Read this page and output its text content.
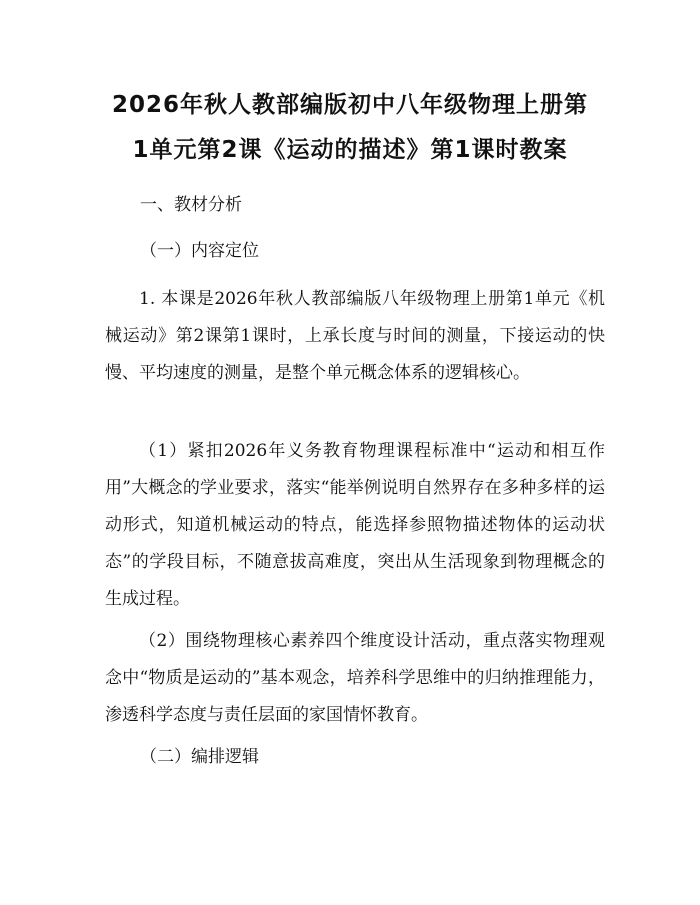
2026年秋人教部编版初中八年级物理上册第
1单元第2课《运动的描述》第1课时教案
一、教材分析
（一）内容定位

1. 本课是2026年秋人教部编版八年级物理上册第1单元《机械运动》第2课第1课时，上承长度与时间的测量，下接运动的快慢、平均速度的测量，是整个单元概念体系的逻辑核心。

（1）紧扣2026年义务教育物理课程标准中“运动和相互作用”大概念的学业要求，落实“能举例说明自然界存在多种多样的运动形式，知道机械运动的特点，能选择参照物描述物体的运动状态”的学段目标，不随意拔高难度，突出从生活现象到物理概念的生成过程。

（2）围绕物理核心素养四个维度设计活动，重点落实物理观念中“物质是运动的”基本观念，培养科学思维中的归纳推理能力，渗透科学态度与责任层面的家国情怀教育。

（二）编排逻辑
